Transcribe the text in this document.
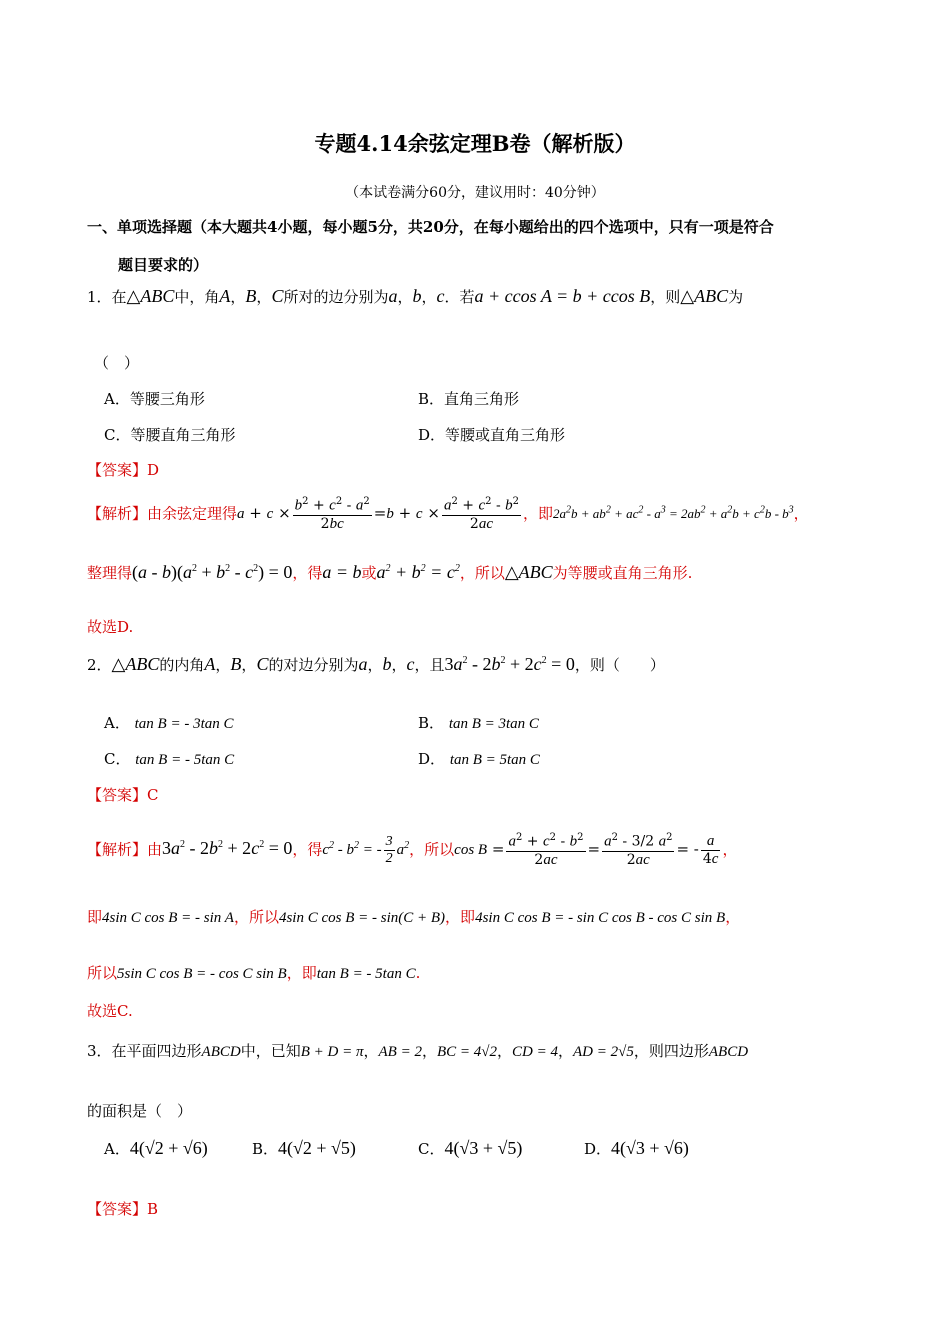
专题4.14余弦定理B卷（解析版）
（本试卷满分60分，建议用时：40分钟）
一、单项选择题（本大题共4小题，每小题5分，共20分，在每小题给出的四个选项中，只有一项是符合
题目要求的）
1．在△ABC中，角A，B，C所对的边分别为a，b，c．若a + ccos A = b + ccos B，则△ABC为
（　）
A．等腰三角形	B．直角三角形
C．等腰直角三角形	D．等腰或直角三角形
【答案】D
【解析】由余弦定理得$a + c \times \frac{b^2 + c^2 - a^2}{2bc} =b + c \times \frac{a^2 + c^2 - b^2}{2ac}$ ，即$2a^2b + ab^2 + ac^2 - a^3 = 2ab^2 + a^2b + c^2b - b^3$，
整理得$(a - b)(a^2 + b^2 - c^2) = 0$，得a = b或$a^2 + b^2 = c^2$，所以△ABC为等腰或直角三角形.
故选D.
2．△ABC的内角A，B，C的对边分别为a，b，c，且$3a^2 - 2b^2 + 2c^2 = 0$，则（　　）
A． tan B = - 3tan C	B． tan B = 3tan C
C． tan B = - 5tan C	D． tan B = 5tan C
【答案】C
【解析】由$3a^2 - 2b^2 + 2c^2 = 0$，得$c^2 - b^2$ = - $\frac{3}{2} a^2$，所以$\cos B = \frac{a^2 + c^2 - b^2}{2ac} = \frac{a^2 - 3/2 a^2}{2ac}$ = - $\frac{a}{4c}$ ，
即4sin C cos B = - sin A，所以4sin C cos B = - sin(C + B)，即4sin C cos B = - sin C cos B - cos C sin B，
所以5sin C cos B = - cos C sin B，即tan B = - 5tan C.
故选C.
3．在平面四边形ABCD中，已知B + D = π，AB = 2，BC = 4√2，CD = 4，AD = 2√5，则四边形ABCD
的面积是（　）
A．4(√2 + √6)	B．4(√2 + √5)	C．4(√3 + √5)	D．4(√3 + √6)
【答案】B
